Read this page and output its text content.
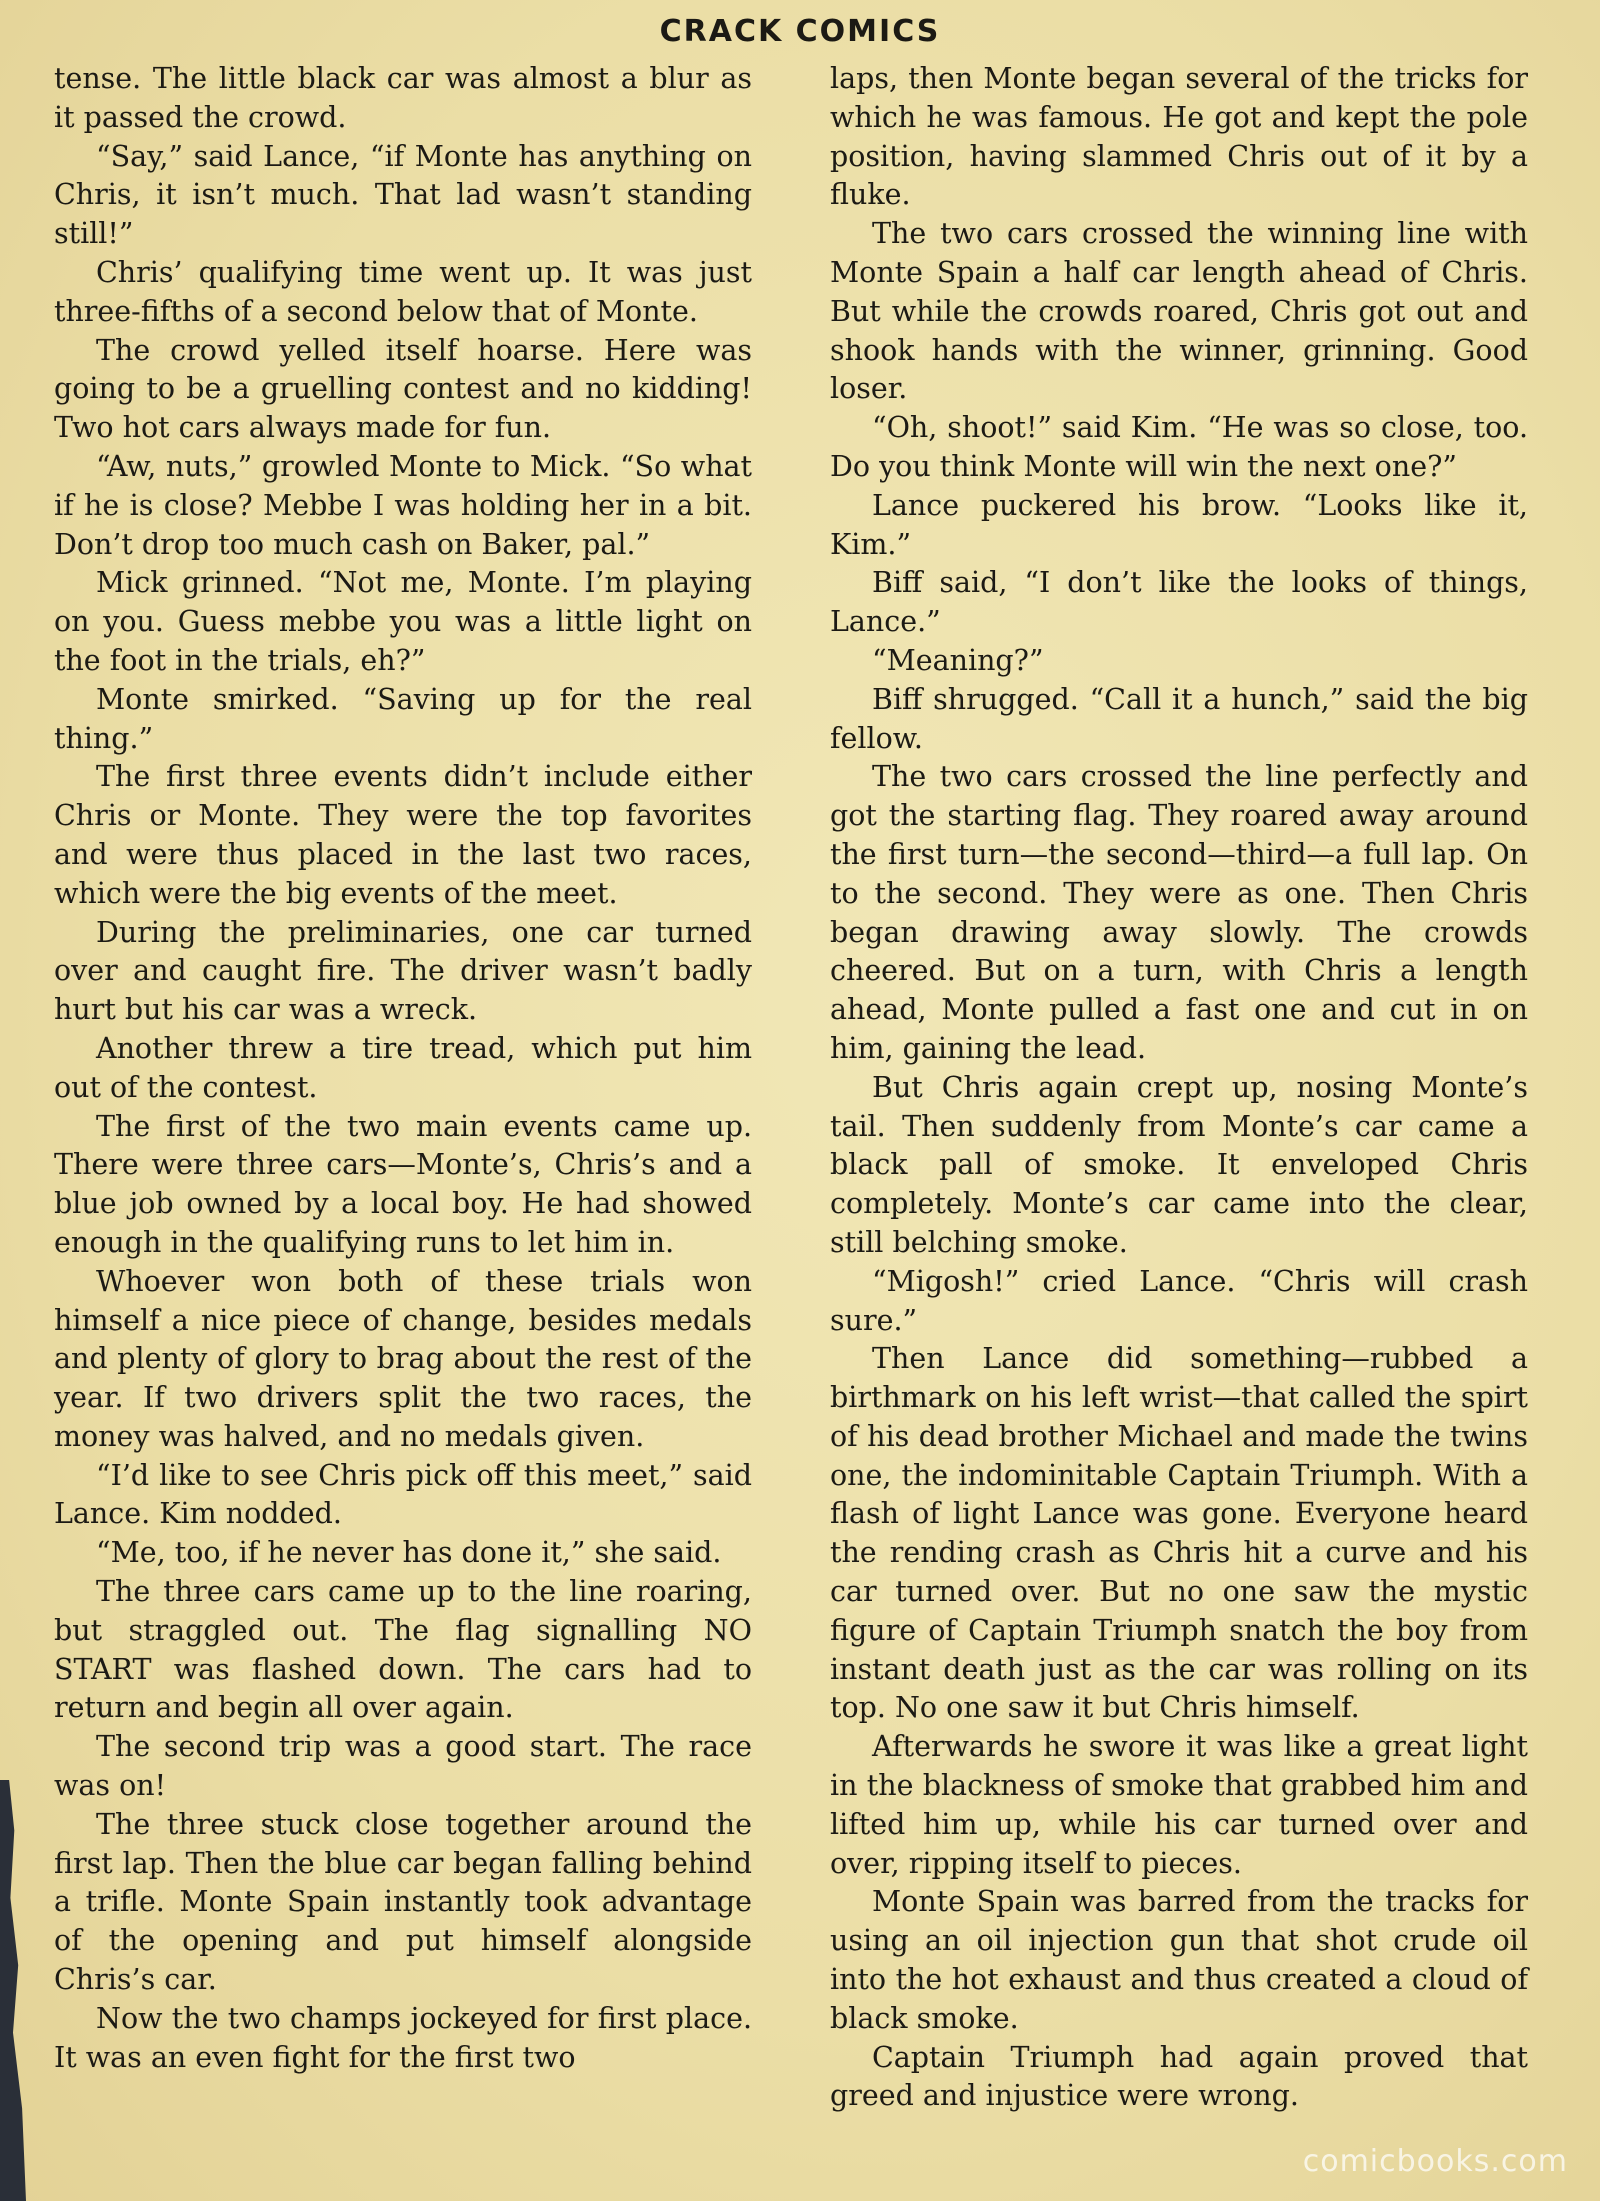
CRACK COMICS

tense. The little black car was almost a blur as it passed the crowd.

“Say,” said Lance, “if Monte has anything on Chris, it isn’t much. That lad wasn’t standing still!”

Chris’ qualifying time went up. It was just three-fifths of a second below that of Monte.

The crowd yelled itself hoarse. Here was going to be a gruelling contest and no kidding! Two hot cars always made for fun.

“Aw, nuts,” growled Monte to Mick. “So what if he is close? Mebbe I was holding her in a bit. Don’t drop too much cash on Baker, pal.”

Mick grinned. “Not me, Monte. I’m playing on you. Guess mebbe you was a little light on the foot in the trials, eh?”

Monte smirked. “Saving up for the real thing.”

The first three events didn’t include either Chris or Monte. They were the top favorites and were thus placed in the last two races, which were the big events of the meet.

During the preliminaries, one car turned over and caught fire. The driver wasn’t badly hurt but his car was a wreck.

Another threw a tire tread, which put him out of the contest.

The first of the two main events came up. There were three cars—Monte’s, Chris’s and a blue job owned by a local boy. He had showed enough in the qualifying runs to let him in.

Whoever won both of these trials won himself a nice piece of change, besides medals and plenty of glory to brag about the rest of the year. If two drivers split the two races, the money was halved, and no medals given.

“I’d like to see Chris pick off this meet,” said Lance. Kim nodded.

“Me, too, if he never has done it,” she said.

The three cars came up to the line roaring, but straggled out. The flag signalling NO START was flashed down. The cars had to return and begin all over again.

The second trip was a good start. The race was on!

The three stuck close together around the first lap. Then the blue car began falling behind a trifle. Monte Spain instantly took advantage of the opening and put himself alongside Chris’s car.

Now the two champs jockeyed for first place. It was an even fight for the first two

laps, then Monte began several of the tricks for which he was famous. He got and kept the pole position, having slammed Chris out of it by a fluke.

The two cars crossed the winning line with Monte Spain a half car length ahead of Chris. But while the crowds roared, Chris got out and shook hands with the winner, grinning. Good loser.

“Oh, shoot!” said Kim. “He was so close, too. Do you think Monte will win the next one?”

Lance puckered his brow. “Looks like it, Kim.”

Biff said, “I don’t like the looks of things, Lance.”

“Meaning?”

Biff shrugged. “Call it a hunch,” said the big fellow.

The two cars crossed the line perfectly and got the starting flag. They roared away around the first turn—the second—third—a full lap. On to the second. They were as one. Then Chris began drawing away slowly. The crowds cheered. But on a turn, with Chris a length ahead, Monte pulled a fast one and cut in on him, gaining the lead.

But Chris again crept up, nosing Monte’s tail. Then suddenly from Monte’s car came a black pall of smoke. It enveloped Chris completely. Monte’s car came into the clear, still belching smoke.

“Migosh!” cried Lance. “Chris will crash sure.”

Then Lance did something—rubbed a birthmark on his left wrist—that called the spirt of his dead brother Michael and made the twins one, the indominitable Captain Triumph. With a flash of light Lance was gone. Everyone heard the rending crash as Chris hit a curve and his car turned over. But no one saw the mystic figure of Captain Triumph snatch the boy from instant death just as the car was rolling on its top. No one saw it but Chris himself.

Afterwards he swore it was like a great light in the blackness of smoke that grabbed him and lifted him up, while his car turned over and over, ripping itself to pieces.

Monte Spain was barred from the tracks for using an oil injection gun that shot crude oil into the hot exhaust and thus created a cloud of black smoke.

Captain Triumph had again proved that greed and injustice were wrong.

comicbooks.com
